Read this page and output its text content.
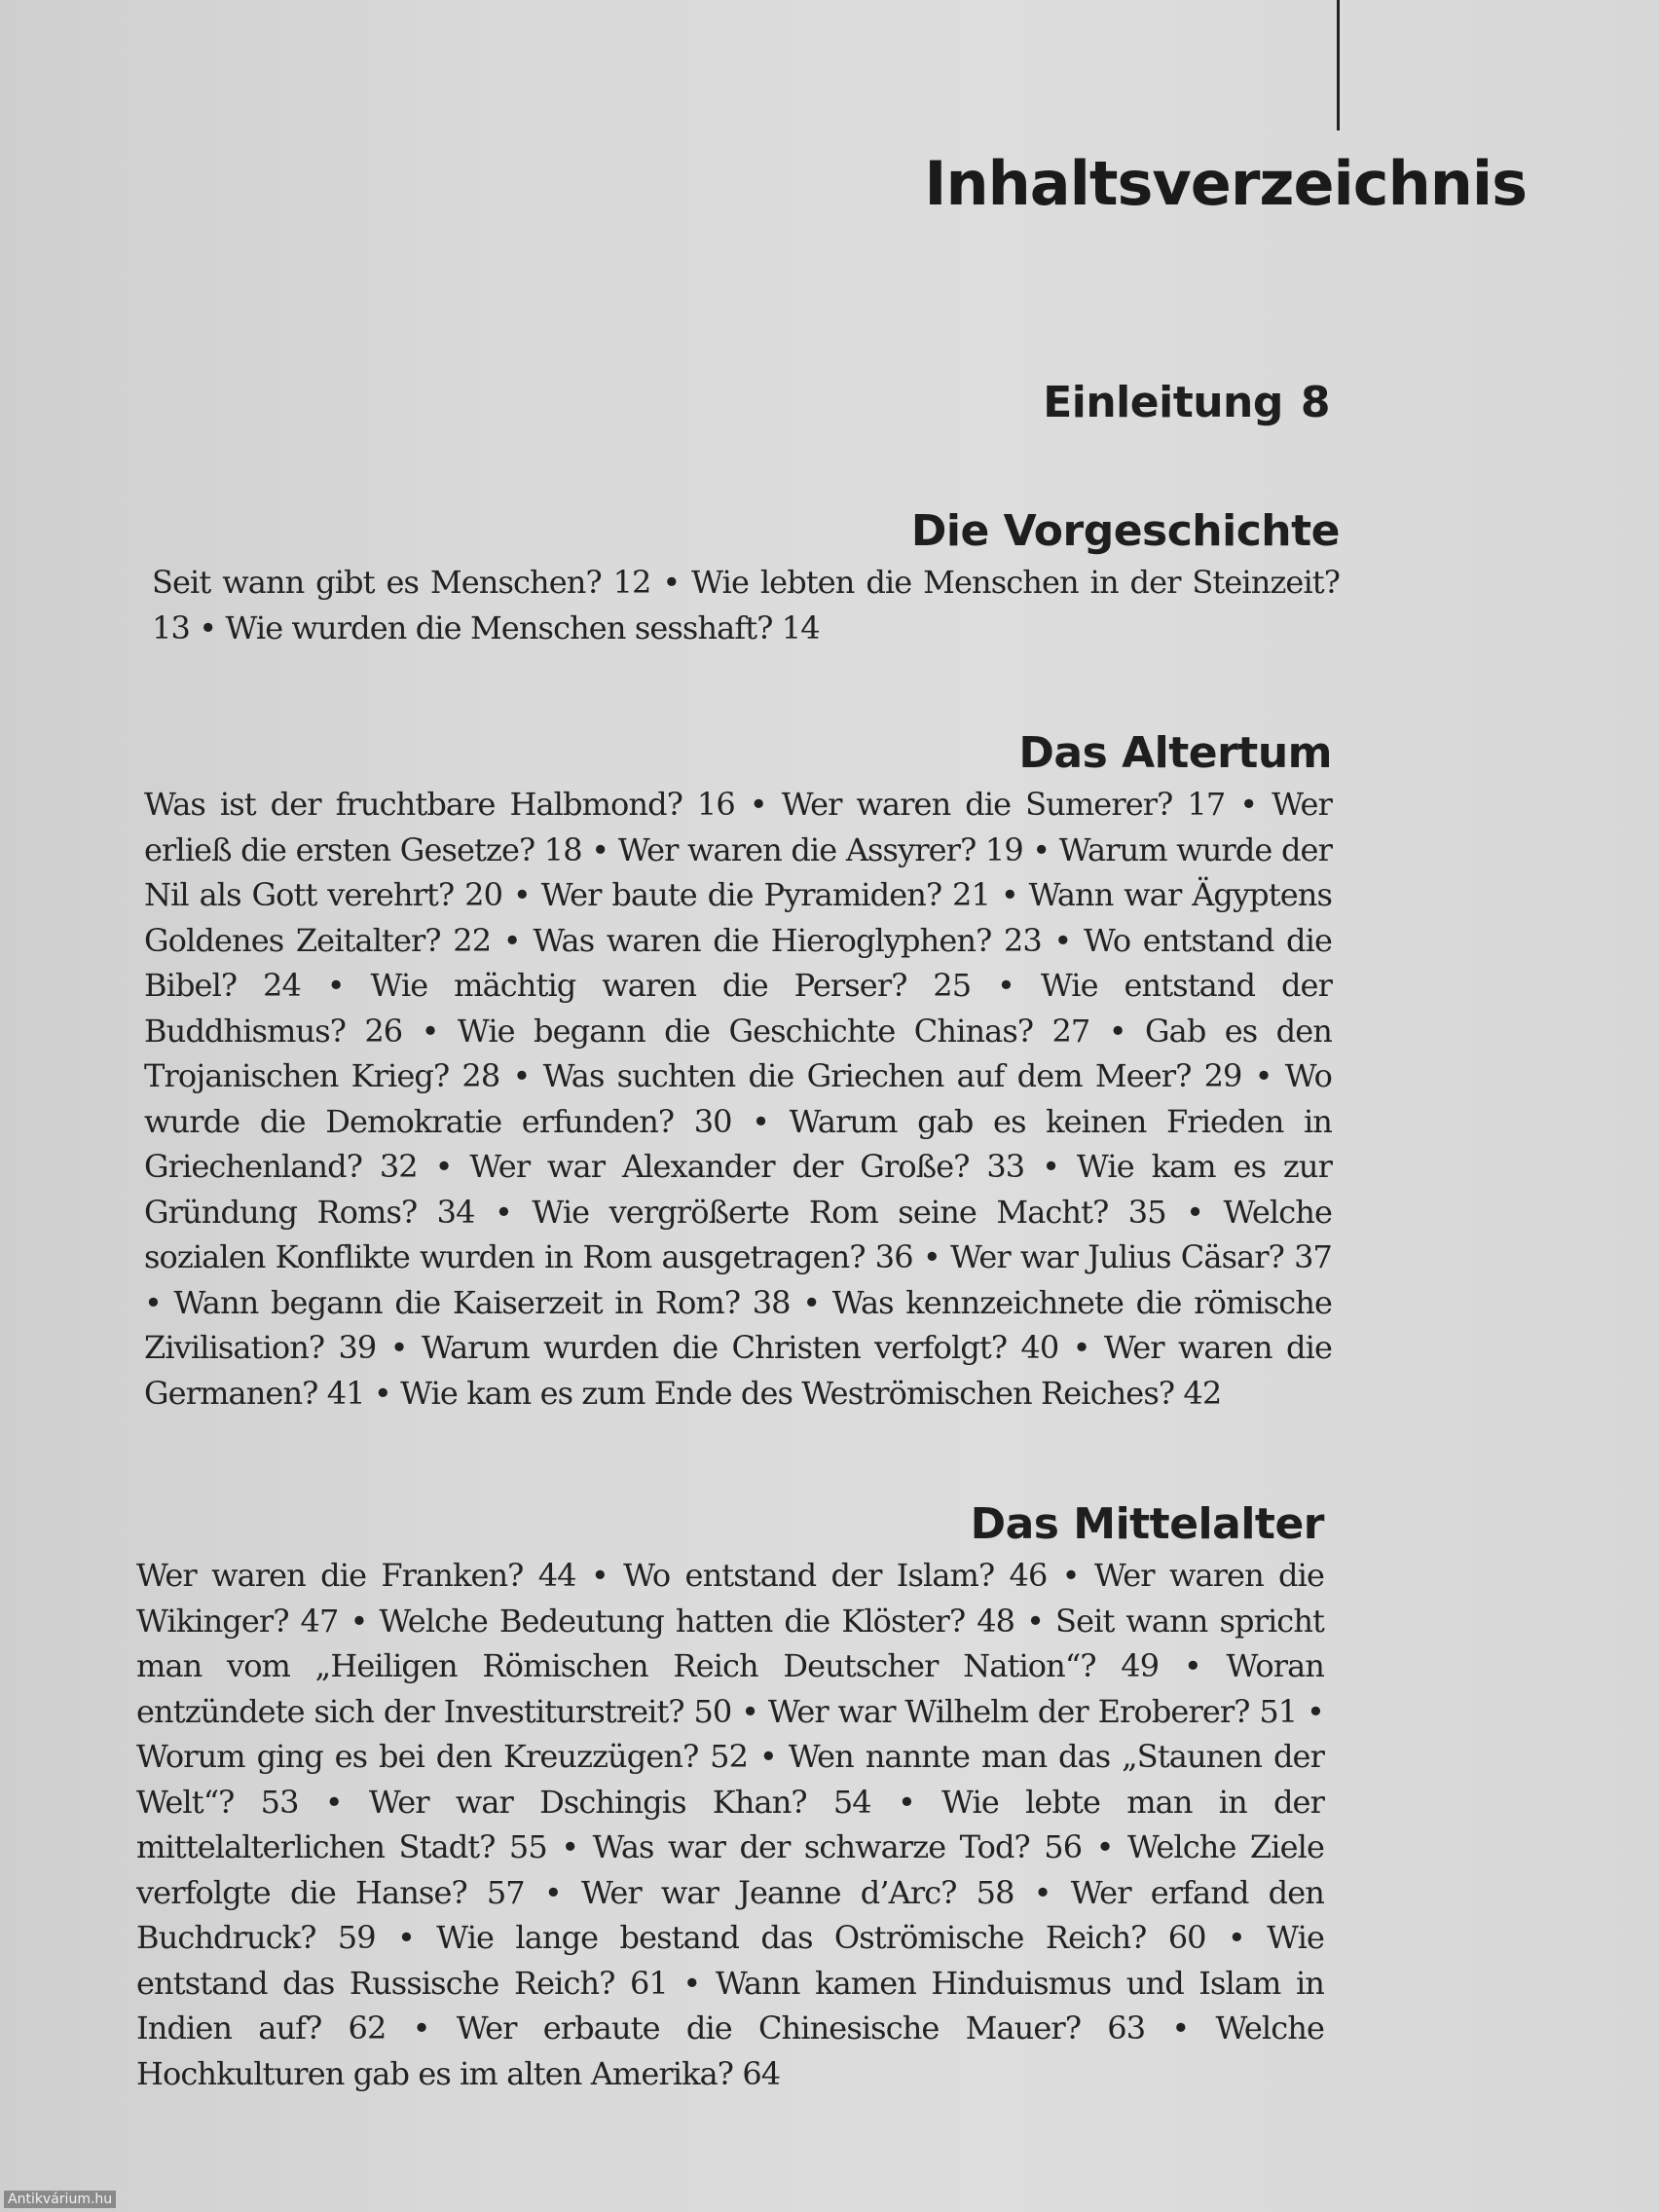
Inhaltsverzeichnis
Einleitung 8
Die Vorgeschichte

Seit wann gibt es Menschen? 12 • Wie lebten die Menschen in der Steinzeit? 13 • Wie wurden die Menschen sesshaft? 14

Das Altertum

Was ist der fruchtbare Halbmond? 16 • Wer waren die Sumerer? 17 • Wer erließ die ersten Gesetze? 18 • Wer waren die Assyrer? 19 • Warum wurde der Nil als Gott verehrt? 20 • Wer baute die Pyramiden? 21 • Wann war Ägyptens Goldenes Zeitalter? 22 • Was waren die Hieroglyphen? 23 • Wo entstand die Bibel? 24 • Wie mächtig waren die Perser? 25 • Wie entstand der Buddhismus? 26 • Wie begann die Geschichte Chinas? 27 • Gab es den Trojanischen Krieg? 28 • Was suchten die Griechen auf dem Meer? 29 • Wo wurde die Demokratie erfunden? 30 • Warum gab es keinen Frieden in Griechenland? 32 • Wer war Alexander der Große? 33 • Wie kam es zur Gründung Roms? 34 • Wie vergrößerte Rom seine Macht? 35 • Welche sozialen Konflikte wurden in Rom ausgetragen? 36 • Wer war Julius Cäsar? 37 • Wann begann die Kaiserzeit in Rom? 38 • Was kennzeichnete die römische Zivilisation? 39 • Warum wurden die Christen verfolgt? 40 • Wer waren die Germanen? 41 • Wie kam es zum Ende des Weströmischen Reiches? 42

Das Mittelalter

Wer waren die Franken? 44 • Wo entstand der Islam? 46 • Wer waren die Wikinger? 47 • Welche Bedeutung hatten die Klöster? 48 • Seit wann spricht man vom „Heiligen Römischen Reich Deutscher Nation“? 49 • Woran entzündete sich der Investiturstreit? 50 • Wer war Wilhelm der Eroberer? 51 • Worum ging es bei den Kreuzzügen? 52 • Wen nannte man das „Staunen der Welt“? 53 • Wer war Dschingis Khan? 54 • Wie lebte man in der mittelalterlichen Stadt? 55 • Was war der schwarze Tod? 56 • Welche Ziele verfolgte die Hanse? 57 • Wer war Jeanne d’Arc? 58 • Wer erfand den Buchdruck? 59 • Wie lange bestand das Oströmische Reich? 60 • Wie entstand das Russische Reich? 61 • Wann kamen Hinduismus und Islam in Indien auf? 62 • Wer erbaute die Chinesische Mauer? 63 • Welche Hochkulturen gab es im alten Amerika? 64

Antikvárium.hu
